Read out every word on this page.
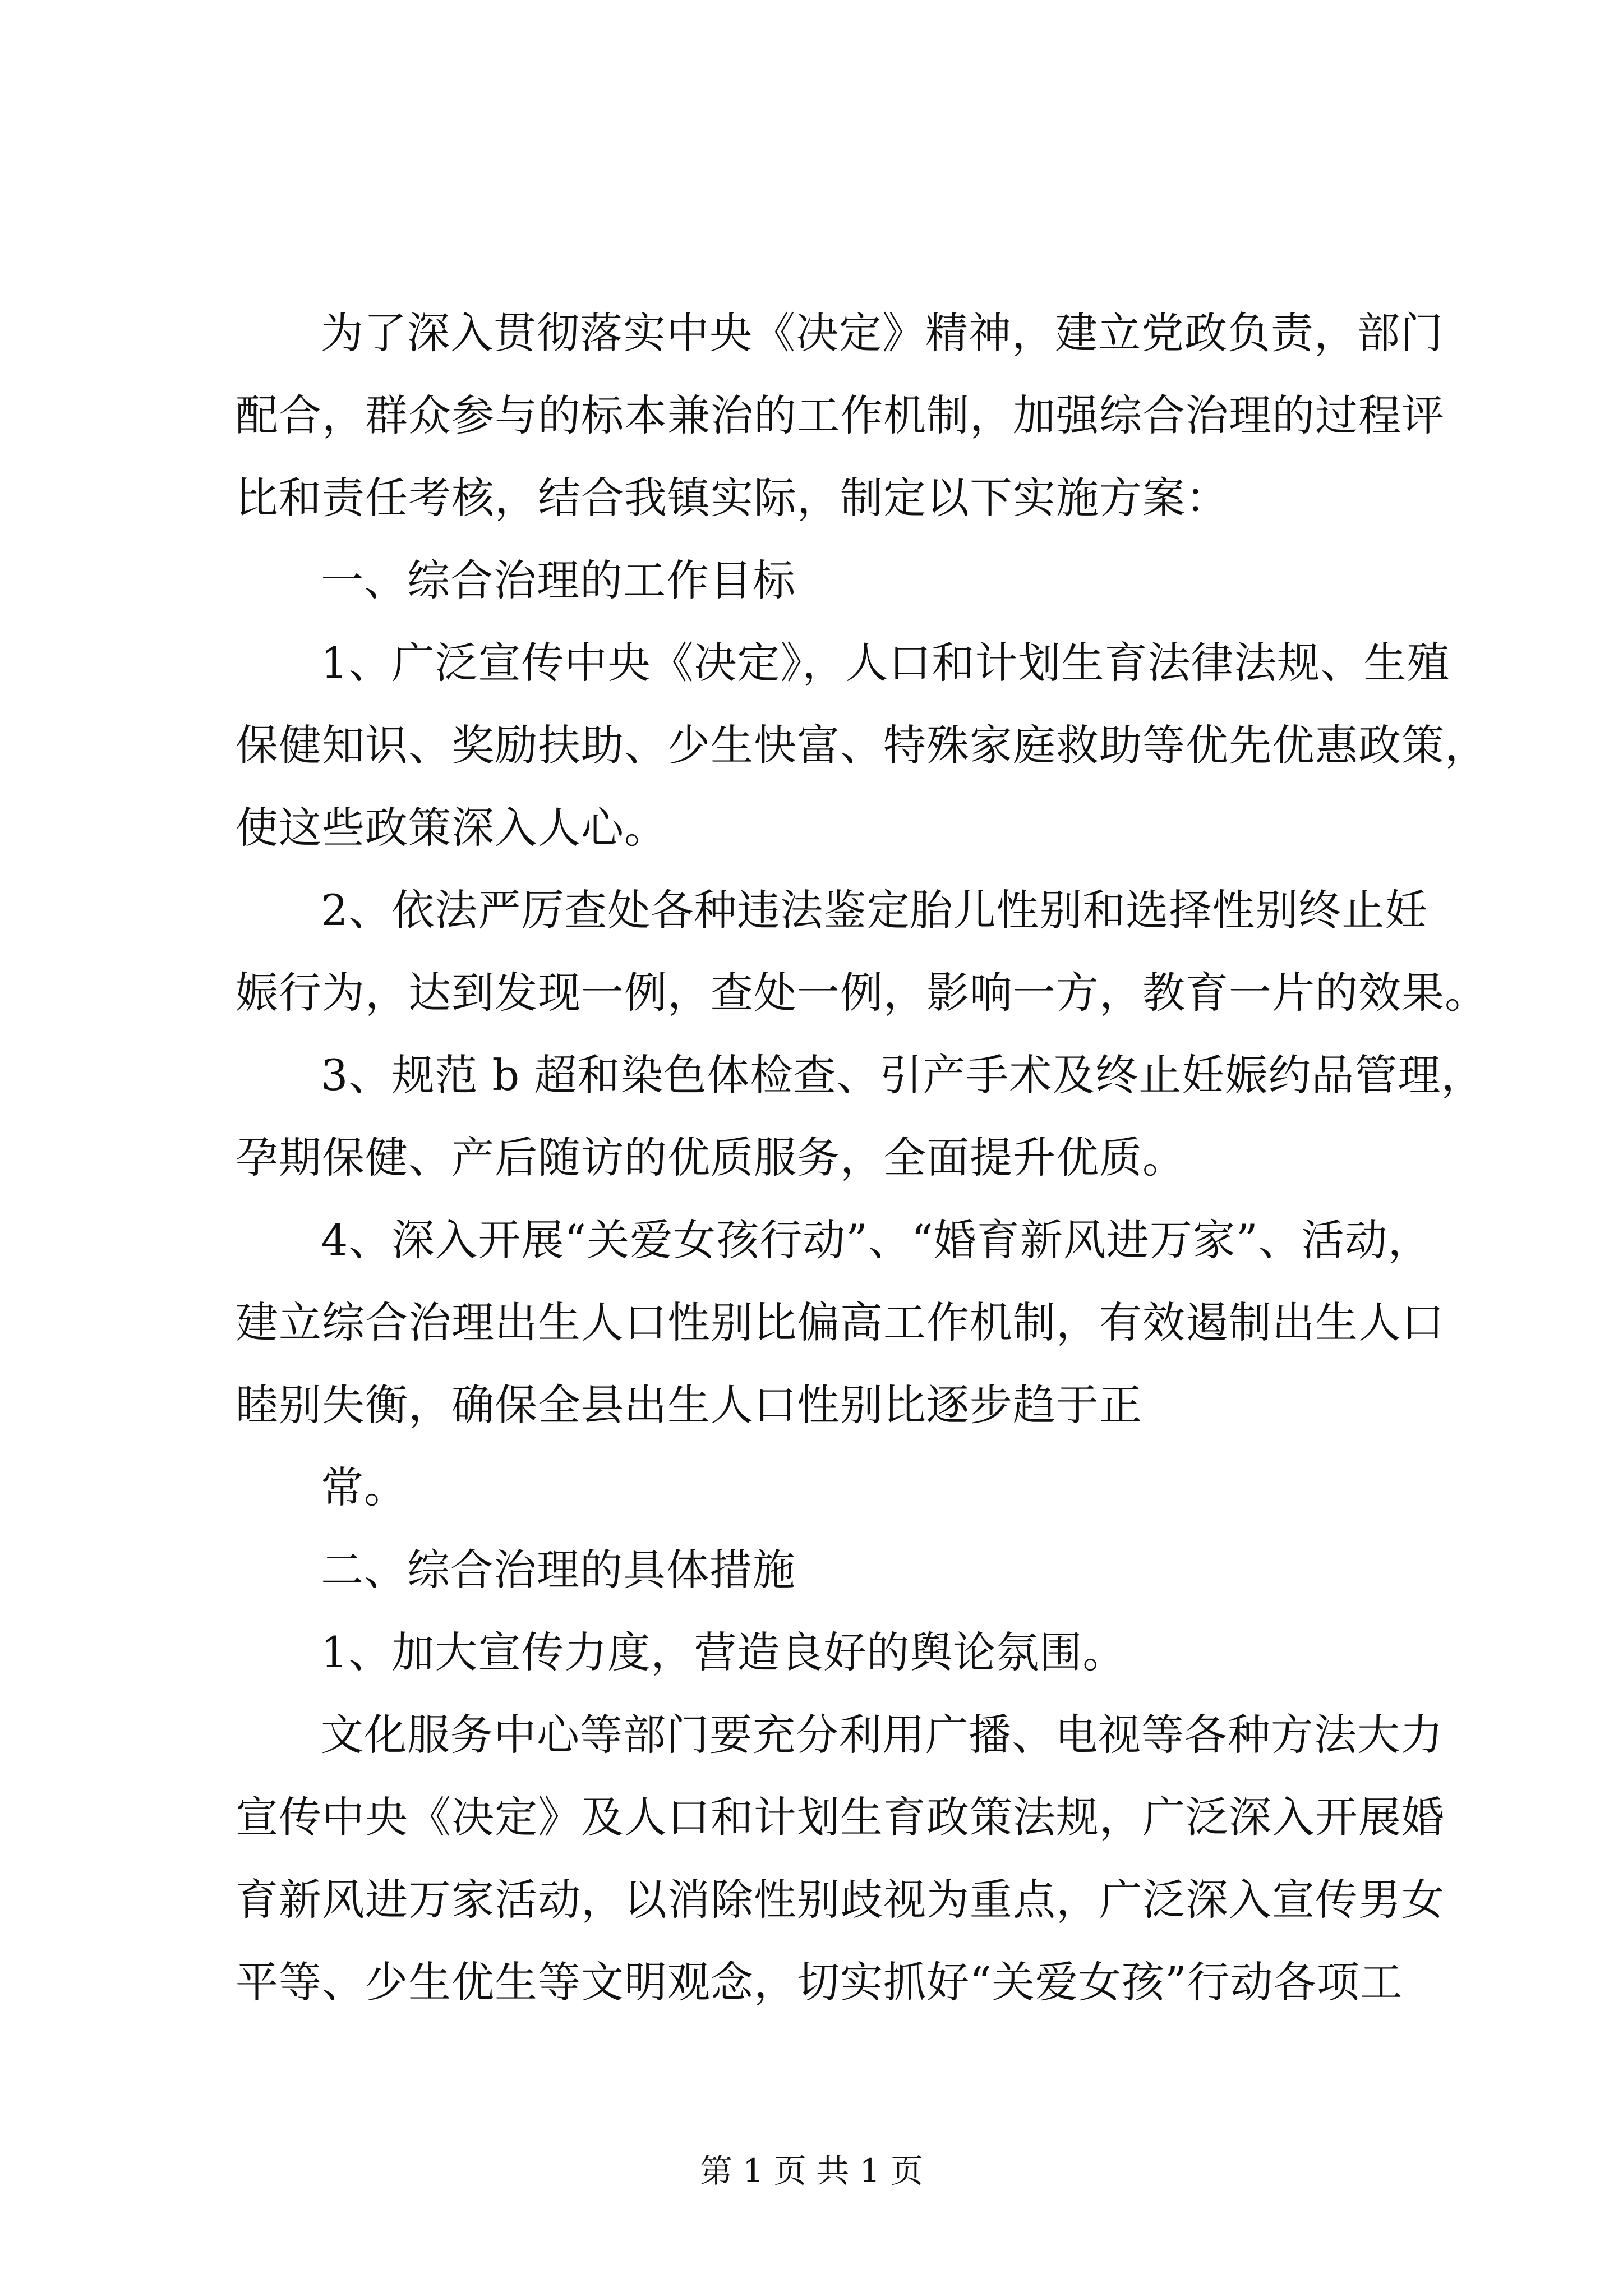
为了深入贯彻落实中央《决定》精神，建立党政负责，部门
配合，群众参与的标本兼治的工作机制，加强综合治理的过程评
比和责任考核，结合我镇实际，制定以下实施方案：
一、综合治理的工作目标
1、广泛宣传中央《决定》，人口和计划生育法律法规、生殖
保健知识、奖励扶助、少生快富、特殊家庭救助等优先优惠政策，
使这些政策深入人心。
2、依法严厉查处各种违法鉴定胎儿性别和选择性别终止妊
娠行为，达到发现一例，查处一例，影响一方，教育一片的效果。
3、规范 b 超和染色体检查、引产手术及终止妊娠约品管理，
孕期保健、产后随访的优质服务，全面提升优质。
4、深入开展“关爱女孩行动”、“婚育新风进万家”、活动，
建立综合治理出生人口性别比偏高工作机制，有效遏制出生人口
睦别失衡，确保全县出生人口性别比逐步趋于正
常。
二、综合治理的具体措施
1、加大宣传力度，营造良好的舆论氛围。
文化服务中心等部门要充分利用广播、电视等各种方法大力
宣传中央《决定》及人口和计划生育政策法规，广泛深入开展婚
育新风进万家活动，以消除性别歧视为重点，广泛深入宣传男女
平等、少生优生等文明观念，切实抓好“关爱女孩”行动各项工
第 1 页 共 1 页
